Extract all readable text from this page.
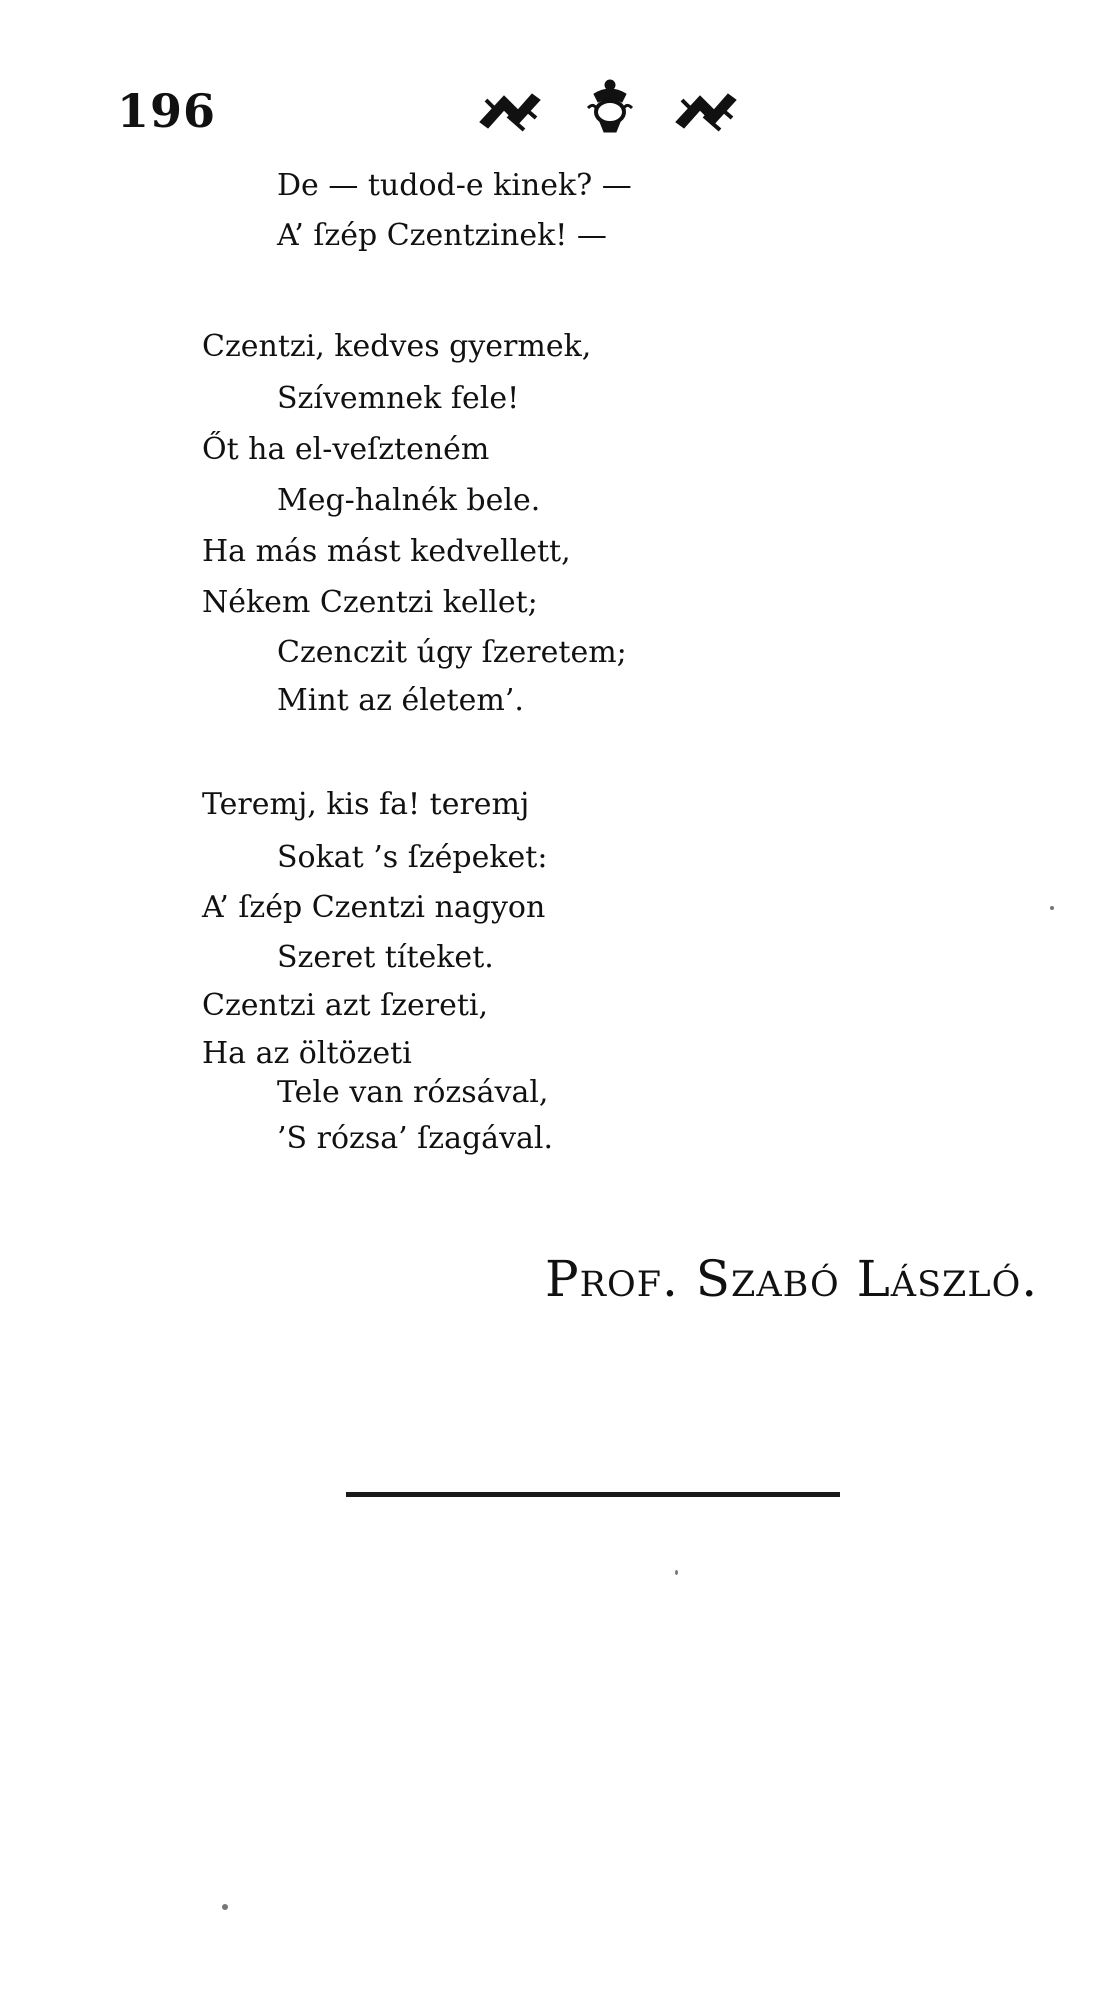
196
De — tudod-e kinek? —
A’ ſzép Czentzinek! —
Czentzi, kedves gyermek,
Szívemnek fele!
Őt ha el-veſzteném
Meg-halnék bele.
Ha más mást kedvellett,
Nékem Czentzi kellet;
Czenczit úgy ſzeretem;
Mint az életem’.
Teremj, kis fa! teremj
Sokat ’s ſzépeket:
A’ ſzép Czentzi nagyon
Szeret títeket.
Czentzi azt ſzereti,
Ha az öltözeti
Tele van rózsával,
’S rózsa’ ſzagával.
Prof. Szabó László.
